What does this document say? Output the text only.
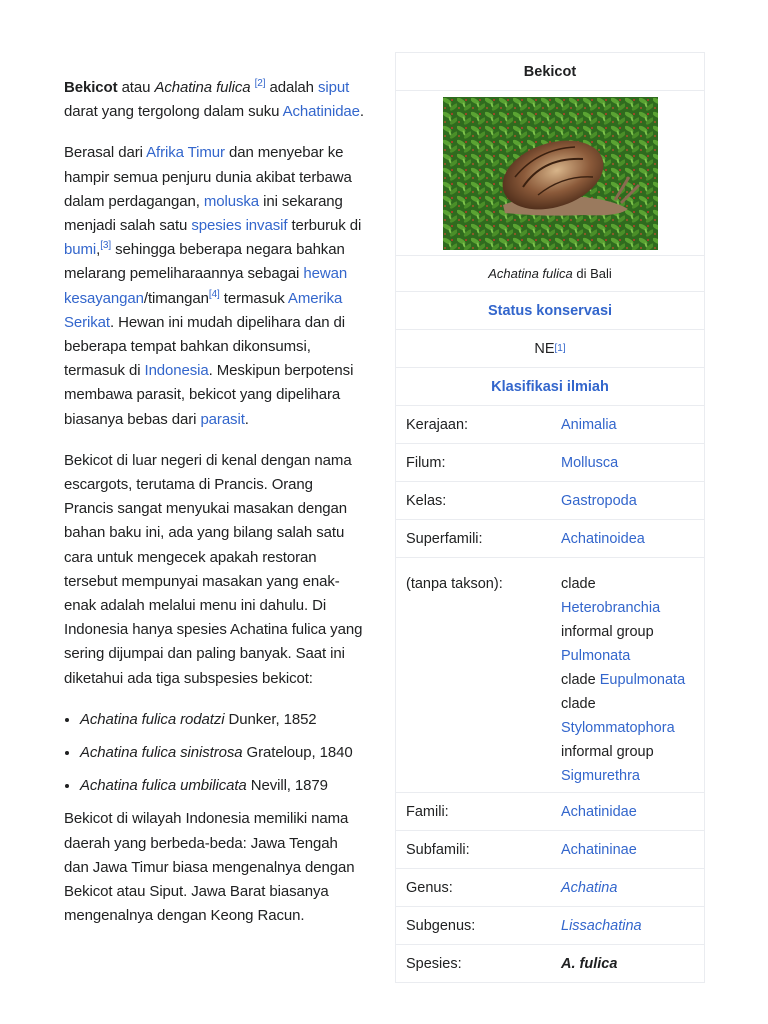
Bekicot atau Achatina fulica [2] adalah siput darat yang tergolong dalam suku Achatinidae.

Berasal dari Afrika Timur dan menyebar ke hampir semua penjuru dunia akibat terbawa dalam perdagangan, moluska ini sekarang menjadi salah satu spesies invasif terburuk di bumi,[3] sehingga beberapa negara bahkan melarang pemeliharaannya sebagai hewan kesayangan/timangan[4] termasuk Amerika Serikat. Hewan ini mudah dipelihara dan di beberapa tempat bahkan dikonsumsi, termasuk di Indonesia. Meskipun berpotensi membawa parasit, bekicot yang dipelihara biasanya bebas dari parasit.

Bekicot di luar negeri di kenal dengan nama escargots, terutama di Prancis. Orang Prancis sangat menyukai masakan dengan bahan baku ini, ada yang bilang salah satu cara untuk mengecek apakah restoran tersebut mempunyai masakan yang enak-enak adalah melalui menu ini dahulu. Di Indonesia hanya spesies Achatina fulica yang sering dijumpai dan paling banyak. Saat ini diketahui ada tiga subspesies bekicot:

• Achatina fulica rodatzi Dunker, 1852
• Achatina fulica sinistrosa Grateloup, 1840
• Achatina fulica umbilicata Nevill, 1879

Bekicot di wilayah Indonesia memiliki nama daerah yang berbeda-beda: Jawa Tengah dan Jawa Timur biasa mengenalnya dengan Bekicot atau Siput. Jawa Barat biasanya mengenalnya dengan Keong Racun.

Bekicot
Achatina fulica di Bali
Status konservasi
NE [1]
Klasifikasi ilmiah
Kerajaan:	Animalia
Filum:	Mollusca
Kelas:	Gastropoda
Superfamili:	Achatinoidea
(tanpa takson):	clade
Heterobranchia
informal group
Pulmonata
clade Eupulmonata
clade
Stylommatophora
informal group
Sigmurethra
Famili:	Achatinidae
Subfamili:	Achatininae
Genus:	Achatina
Subgenus:	Lissachatina
Spesies:	A. fulica
